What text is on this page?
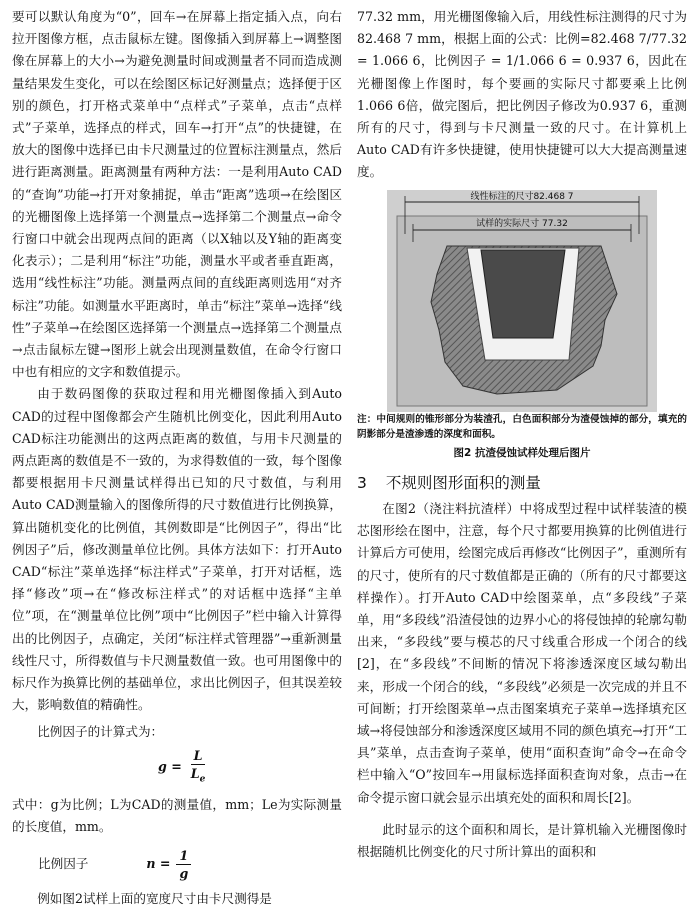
要可以默认角度为“0”，回车→在屏幕上指定插入点，向右拉开图像方框，点击鼠标左键。图像插入到屏幕上→调整图像在屏幕上的大小→为避免测量时间或测量者不同而造成测量结果发生变化，可以在绘图区标记好测量点；选择便于区别的颜色，打开格式菜单中“点样式”子菜单，点击“点样式”子菜单，选择点的样式，回车→打开“点”的快捷键，在放大的图像中选择已由卡尺测量过的位置标注测量点，然后进行距离测量。距离测量有两种方法：一是利用Auto CAD的“查询”功能→打开对象捕捉，单击“距离”选项→在绘图区的光栅图像上选择第一个测量点→选择第二个测量点→命令行窗口中就会出现两点间的距离（以X轴以及Y轴的距离变化表示）；二是利用“标注”功能，测量水平或者垂直距离，选用“线性标注”功能。测量两点间的直线距离则选用“对齐标注”功能。如测量水平距离时，单击“标注”菜单→选择“线性”子菜单→在绘图区选择第一个测量点→选择第二个测量点→点击鼠标左键→图形上就会出现测量数值，在命令行窗口中也有相应的文字和数值提示。

由于数码图像的获取过程和用光栅图像插入到Auto CAD的过程中图像都会产生随机比例变化，因此利用Auto CAD标注功能测出的这两点距离的数值，与用卡尺测量的两点距离的数值是不一致的，为求得数值的一致，每个图像都要根据用卡尺测量试样得出已知的尺寸数值，与利用Auto CAD测量输入的图像所得的尺寸数值进行比例换算，算出随机变化的比例值，其例数即是“比例因子”，得出“比例因子”后，修改测量单位比例。具体方法如下：打开Auto CAD“标注”菜单选择“标注样式”子菜单，打开对话框，选择“修改”项→在“修改标注样式”的对话框中选择“主单位”项，在“测量单位比例”项中“比例因子”栏中输入计算得出的比例因子，点确定，关闭“标注样式管理器”→重新测量线性尺寸，所得数值与卡尺测量数值一致。也可用图像中的标尺作为换算比例的基础单位，求出比例因子，但其误差较大，影响数值的精确性。

比例因子的计算式为：

$g = \frac{L}{L_e}$

式中：g为比例；L为CAD的测量值，mm；Le为实际测量的长度值，mm。

比例因子	$n = \frac{1}{g}$

例如图2试样上面的宽度尺寸由卡尺测得是

77.32 mm，用光栅图像输入后，用线性标注测得的尺寸为82.468 7 mm，根据上面的公式：比例=82.468 7/77.32 = 1.066 6，比例因子 = 1/1.066 6 = 0.937 6，因此在光栅图像上作图时，每个要画的实际尺寸都要乘上比例1.066 6倍，做完图后，把比例因子修改为0.937 6，重测所有的尺寸，得到与卡尺测量一致的尺寸。在计算机上Auto CAD有许多快捷键，使用快捷键可以大大提高测量速度。

线性标注的尺寸82.468 7
试样的实际尺寸 77.32

注：中间规则的锥形部分为装渣孔，白色面积部分为渣侵蚀掉的部分，填充的阴影部分是渣渗透的深度和面积。

图2 抗渣侵蚀试样处理后图片

3 不规则图形面积的测量

在图2（浇注料抗渣样）中将成型过程中试样装渣的模芯图形绘在图中，注意，每个尺寸都要用换算的比例值进行计算后方可使用，绘图完成后再修改“比例因子”，重测所有的尺寸，使所有的尺寸数值都是正确的（所有的尺寸都要这样操作）。打开Auto CAD中绘图菜单，点“多段线”子菜单，用“多段线”沿渣侵蚀的边界小心的将侵蚀掉的轮廓勾勒出来，“多段线”要与模芯的尺寸线重合形成一个闭合的线[2]，在“多段线”不间断的情况下将渗透深度区域勾勒出来，形成一个闭合的线，“多段线”必须是一次完成的并且不可间断；打开绘图菜单→点击图案填充子菜单→选择填充区域→将侵蚀部分和渗透深度区域用不同的颜色填充→打开“工具”菜单，点击查询子菜单，使用“面积查询”命令→在命令栏中输入“O”按回车→用鼠标选择面积查询对象，点击→在命令提示窗口就会显示出填充处的面积和周长[2]。

此时显示的这个面积和周长，是计算机输入光栅图像时根据随机比例变化的尺寸所计算出的面积和
